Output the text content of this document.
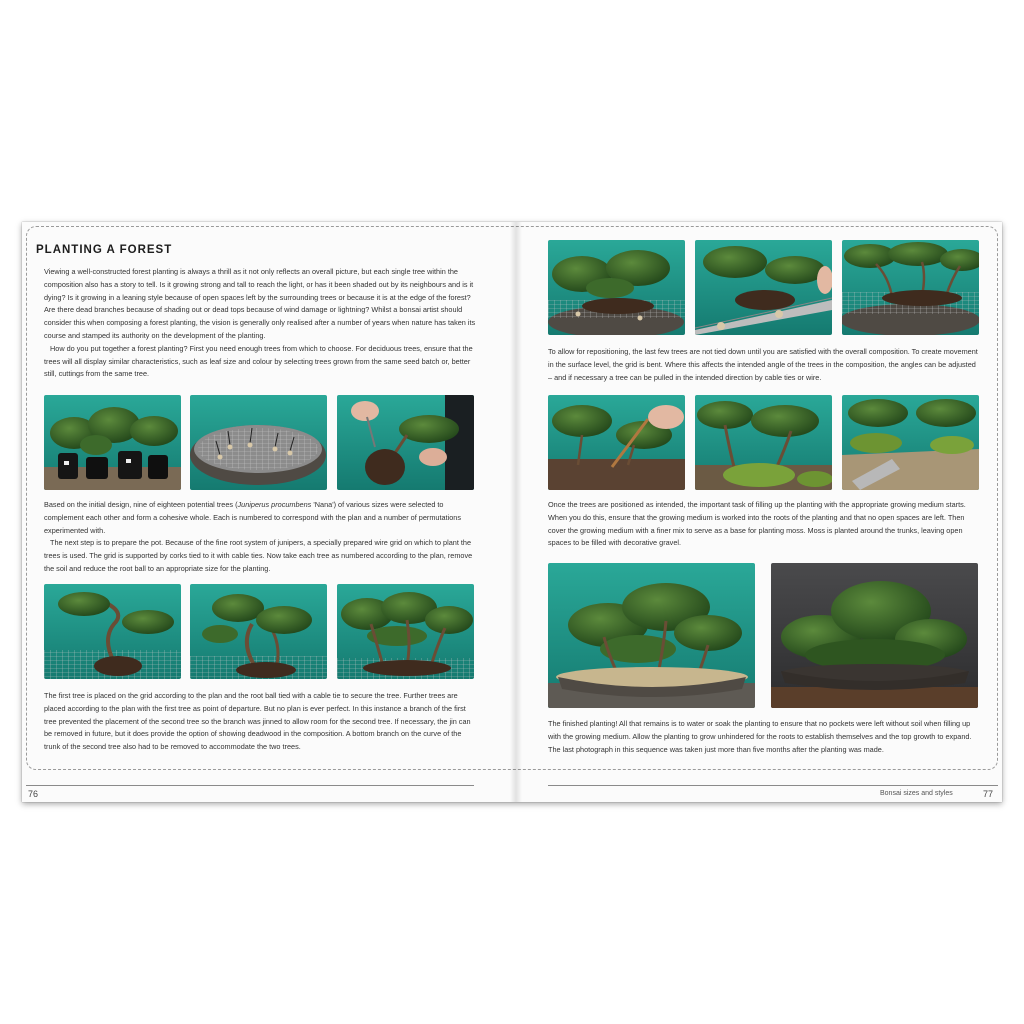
PLANTING A FOREST

Viewing a well-constructed forest planting is always a thrill as it not only reflects an overall picture, but each single tree within the composition also has a story to tell. Is it growing strong and tall to reach the light, or has it been shaded out by its neighbours and is it dying? Is it growing in a leaning style because of open spaces left by the surrounding trees or because it is at the edge of the forest? Are there dead branches because of shading out or dead tops because of wind damage or lightning? Whilst a bonsai artist should consider this when composing a forest planting, the vision is generally only realised after a number of years when nature has taken its course and stamped its authority on the development of the planting.

How do you put together a forest planting? First you need enough trees from which to choose. For deciduous trees, ensure that the trees will all display similar characteristics, such as leaf size and colour by selecting trees grown from the same seed batch or, better still, cuttings from the same tree.

Based on the initial design, nine of eighteen potential trees (Juniperus procumbens 'Nana') of various sizes were selected to complement each other and form a cohesive whole. Each is numbered to correspond with the plan and a number of permutations experimented with.

The next step is to prepare the pot. Because of the fine root system of junipers, a specially prepared wire grid on which to plant the trees is used. The grid is supported by corks tied to it with cable ties. Now take each tree as numbered according to the plan, remove the soil and reduce the root ball to an appropriate size for the planting.

The first tree is placed on the grid according to the plan and the root ball tied with a cable tie to secure the tree. Further trees are placed according to the plan with the first tree as point of departure. But no plan is ever perfect. In this instance a branch of the first tree prevented the placement of the second tree so the branch was jinned to allow room for the second tree. If necessary, the jin can be removed in future, but it does provide the option of showing deadwood in the composition. A bottom branch on the curve of the trunk of the second tree also had to be removed to accommodate the two trees.
76
To allow for repositioning, the last few trees are not tied down until you are satisfied with the overall composition. To create movement in the surface level, the grid is bent. Where this affects the intended angle of the trees in the composition, the angles can be adjusted – and if necessary a tree can be pulled in the intended direction by cable ties or wire.
Once the trees are positioned as intended, the important task of filling up the planting with the appropriate growing medium starts. When you do this, ensure that the growing medium is worked into the roots of the planting and that no open spaces are left. Then cover the growing medium with a finer mix to serve as a base for planting moss. Moss is planted around the trunks, leaving open spaces to be filled with decorative gravel.
The finished planting! All that remains is to water or soak the planting to ensure that no pockets were left without soil when filling up with the growing medium. Allow the planting to grow unhindered for the roots to establish themselves and the top growth to expand. The last photograph in this sequence was taken just more than five months after the planting was made.
Bonsai sizes and styles	77
